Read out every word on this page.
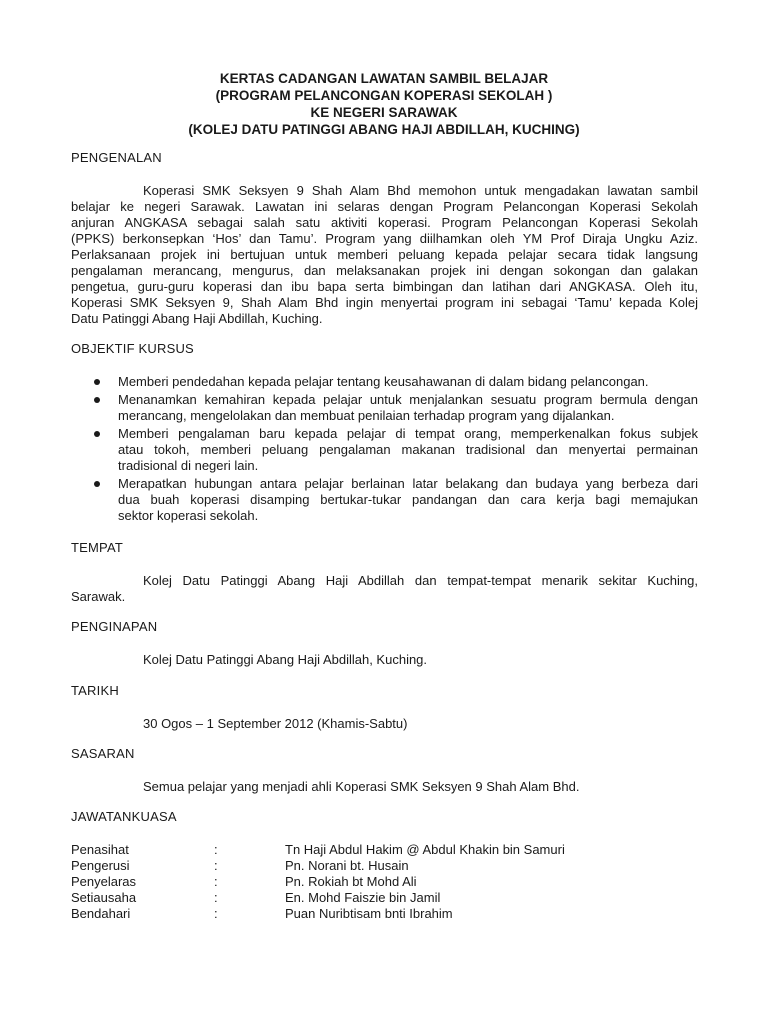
KERTAS CADANGAN LAWATAN SAMBIL BELAJAR
(PROGRAM PELANCONGAN KOPERASI SEKOLAH )
KE NEGERI SARAWAK
(KOLEJ DATU PATINGGI ABANG HAJI ABDILLAH, KUCHING)
PENGENALAN
Koperasi SMK Seksyen 9 Shah Alam Bhd memohon untuk mengadakan lawatan sambil
belajar ke negeri Sarawak. Lawatan ini selaras dengan Program Pelancongan Koperasi Sekolah
anjuran ANGKASA sebagai salah satu aktiviti koperasi. Program Pelancongan Koperasi Sekolah
(PPKS) berkonsepkan ‘Hos’ dan Tamu’. Program yang diilhamkan oleh YM Prof Diraja Ungku Aziz.
Perlaksanaan projek ini bertujuan untuk memberi peluang kepada pelajar secara tidak langsung
pengalaman merancang, mengurus, dan melaksanakan projek ini dengan sokongan dan galakan
pengetua, guru-guru koperasi dan ibu bapa serta bimbingan dan latihan dari ANGKASA. Oleh itu,
Koperasi SMK Seksyen 9, Shah Alam Bhd ingin menyertai program ini sebagai ‘Tamu’ kepada Kolej
Datu Patinggi Abang Haji Abdillah, Kuching.
OBJEKTIF KURSUS
Memberi pendedahan kepada pelajar tentang keusahawanan di dalam bidang pelancongan.
Menanamkan kemahiran kepada pelajar untuk menjalankan sesuatu program bermula dengan
merancang, mengelolakan dan membuat penilaian terhadap program yang dijalankan.
Memberi pengalaman baru kepada pelajar di tempat orang, memperkenalkan fokus subjek
atau tokoh, memberi peluang pengalaman makanan tradisional dan menyertai permainan
tradisional di negeri lain.
Merapatkan hubungan antara pelajar berlainan latar belakang dan budaya yang berbeza dari
dua buah koperasi disamping bertukar-tukar pandangan dan cara kerja bagi memajukan
sektor koperasi sekolah.
TEMPAT
Kolej Datu Patinggi Abang Haji Abdillah dan tempat-tempat menarik sekitar Kuching,
Sarawak.
PENGINAPAN
Kolej Datu Patinggi Abang Haji Abdillah, Kuching.
TARIKH
30 Ogos – 1 September 2012 (Khamis-Sabtu)
SASARAN
Semua pelajar yang menjadi ahli Koperasi SMK Seksyen 9 Shah Alam Bhd.
JAWATANKUASA
Penasihat	:	Tn Haji Abdul Hakim @ Abdul Khakin bin Samuri
Pengerusi	:	Pn. Norani bt. Husain
Penyelaras	:	Pn. Rokiah bt Mohd Ali
Setiausaha	:	En. Mohd Faiszie bin Jamil
Bendahari	:	Puan Nuribtisam bnti Ibrahim
